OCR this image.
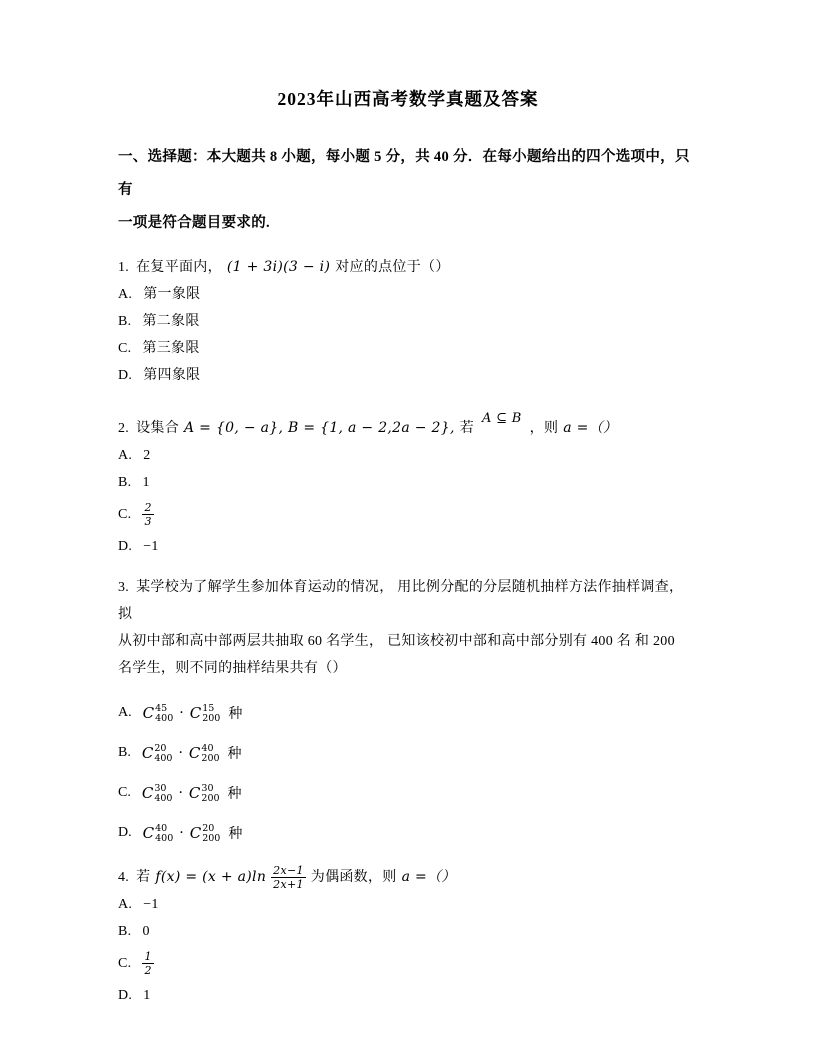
2023年山西高考数学真题及答案

一、选择题：本大题共 8 小题，每小题 5 分，共 40 分．在每小题给出的四个选项中，只有

一项是符合题目要求的.

1. 在复平面内， (1 + 3i)(3 − i) 对应的点位于（）
A. 第一象限
B. 第二象限
C. 第三象限
D. 第四象限
2. 设集合 A = {0, − a}, B = {1, a − 2,2a − 2}, 若
A ⊆ B
，则 a =（）
A. 2
B. 1
C. $\frac{2}{3}$
D. −1
3. 某学校为了解学生参加体育运动的情况， 用比例分配的分层随机抽样方法作抽样调查， 拟
从初中部和高中部两层共抽取 60 名学生， 已知该校初中部和高中部分别有 400 名 和 200
名学生，则不同的抽样结果共有（）
A. C 45
400 · C 15
200 种
B. C 20
400 · C 40
200 种
C. C 30
400 · C 30
200 种
D. C 40
400 · C 20
200 种
4. 若 $f(x) = (x + a)\ln \frac{2x-1}{2x+1}$ 为偶函数，则 a =（）
A. −1
B. 0
C. $\frac{1}{2}$
D. 1
